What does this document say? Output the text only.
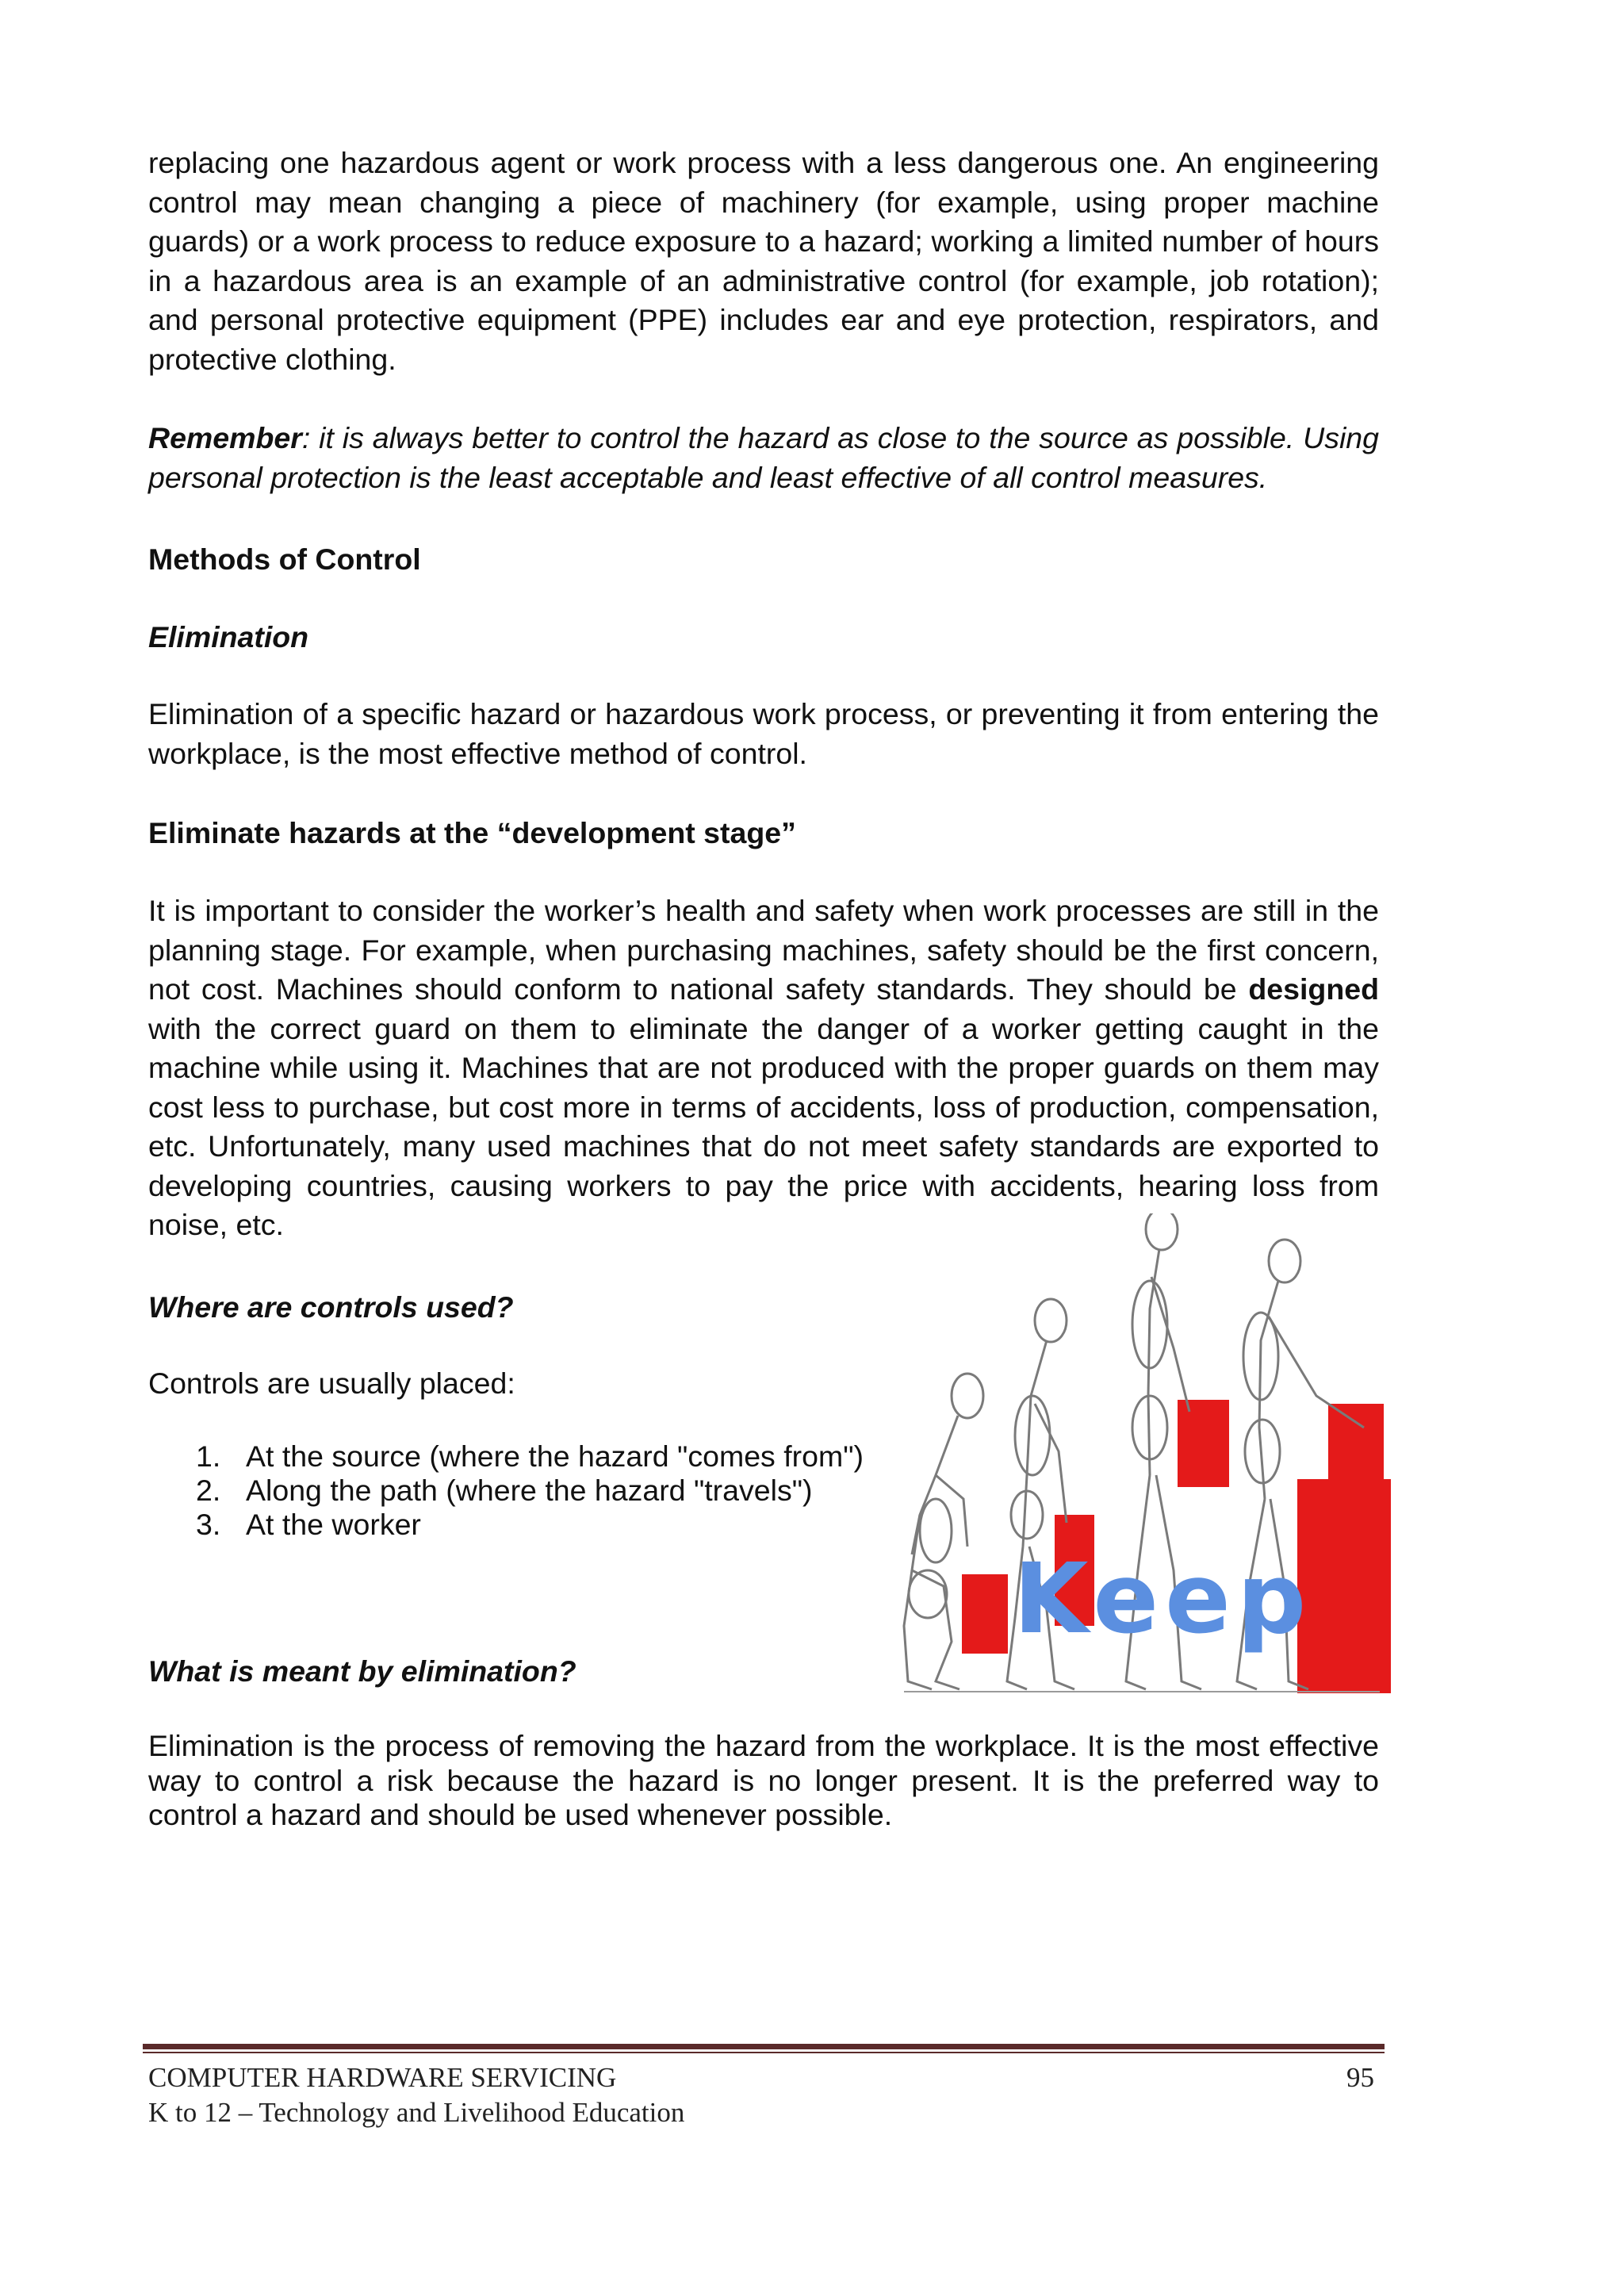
replacing one hazardous agent or work process with a less dangerous one. An engineering control may mean changing a piece of machinery (for example, using proper machine guards) or a work process to reduce exposure to a hazard; working a limited number of hours in a hazardous area is an example of an administrative control (for example, job rotation); and personal protective equipment (PPE) includes ear and eye protection, respirators, and protective clothing.
Remember: it is always better to control the hazard as close to the source as possible. Using personal protection is the least acceptable and least effective of all control measures.
Methods of Control
Elimination
Elimination of a specific hazard or hazardous work process, or preventing it from entering the workplace, is the most effective method of control.
Eliminate hazards at the “development stage”
It is important to consider the worker’s health and safety when work processes are still in the planning stage. For example, when purchasing machines, safety should be the first concern, not cost. Machines should conform to national safety standards. They should be designed with the correct guard on them to eliminate the danger of a worker getting caught in the machine while using it. Machines that are not produced with the proper guards on them may cost less to purchase, but cost more in terms of accidents, loss of production, compensation, etc. Unfortunately, many used machines that do not meet safety standards are exported to developing countries, causing workers to pay the price with accidents, hearing loss from noise, etc.
Where are controls used?
Controls are usually placed:
1. At the source (where the hazard "comes from")
2. Along the path (where the hazard "travels")
3. At the worker
What is meant by elimination?
Elimination is the process of removing the hazard from the workplace. It is the most effective way to control a risk because the hazard is no longer present. It is the preferred way to control a hazard and should be used whenever possible.
Keep
COMPUTER HARDWARE SERVICING	95
K to 12 – Technology and Livelihood Education
